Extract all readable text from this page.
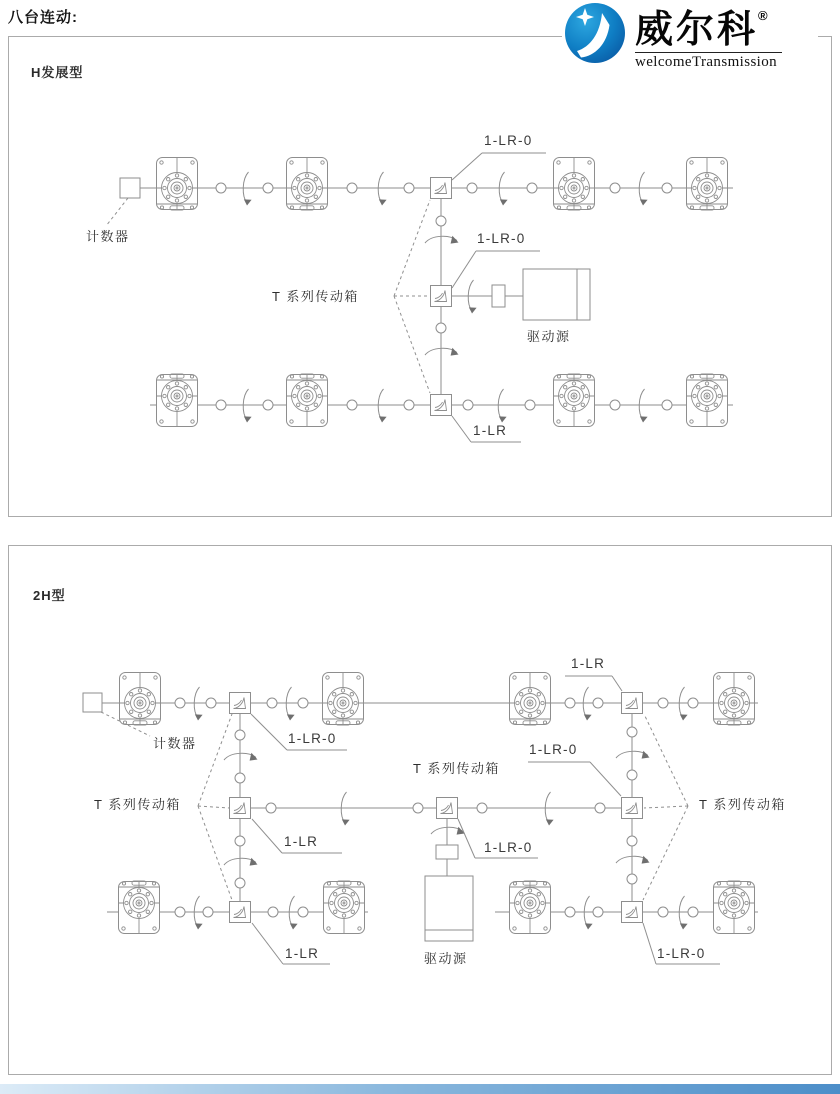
八台连动:
H发展型
2H型
计数器
1-LR-0
1-LR-0
T 系列传动箱
驱动源
1-LR
计数器	1-LR-0
1-LR
T 系列传动箱
1-LR-0
1-LR
T 系列传动箱	T 系列传动箱
1-LR-0
1-LR	驱动源	1-LR-0
威尔科®
welcomeTransmission
